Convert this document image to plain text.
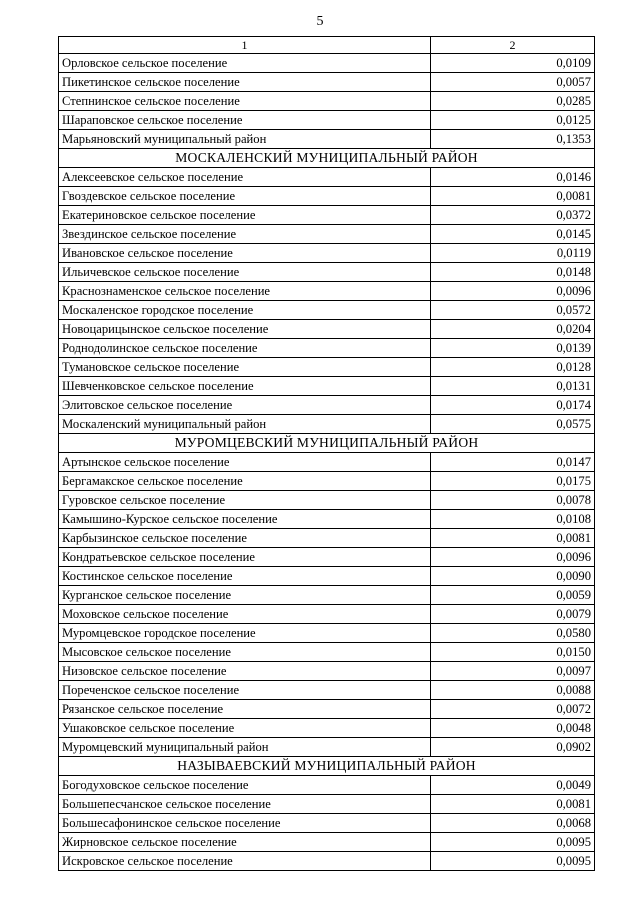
5
1	2
Орловское сельское поселение	0,0109
Пикетинское сельское поселение	0,0057
Степнинское сельское поселение	0,0285
Шараповское сельское поселение	0,0125
Марьяновский муниципальный район	0,1353
МОСКАЛЕНСКИЙ МУНИЦИПАЛЬНЫЙ РАЙОН	
Алексеевское сельское поселение	0,0146
Гвоздевское сельское поселение	0,0081
Екатериновское сельское поселение	0,0372
Звездинское сельское поселение	0,0145
Ивановское сельское поселение	0,0119
Ильичевское сельское поселение	0,0148
Краснознаменское сельское поселение	0,0096
Москаленское городское поселение	0,0572
Новоцарицынское сельское поселение	0,0204
Роднодолинское сельское поселение	0,0139
Тумановское сельское поселение	0,0128
Шевченковское сельское поселение	0,0131
Элитовское сельское поселение	0,0174
Москаленский муниципальный район	0,0575
МУРОМЦЕВСКИЙ МУНИЦИПАЛЬНЫЙ РАЙОН	
Артынское сельское поселение	0,0147
Бергамакское сельское поселение	0,0175
Гуровское сельское поселение	0,0078
Камышино-Курское сельское поселение	0,0108
Карбызинское сельское поселение	0,0081
Кондратьевское сельское поселение	0,0096
Костинское сельское поселение	0,0090
Курганское сельское поселение	0,0059
Моховское сельское поселение	0,0079
Муромцевское городское поселение	0,0580
Мысовское сельское поселение	0,0150
Низовское сельское поселение	0,0097
Пореченское сельское поселение	0,0088
Рязанское сельское поселение	0,0072
Ушаковское сельское поселение	0,0048
Муромцевский муниципальный район	0,0902
НАЗЫВАЕВСКИЙ МУНИЦИПАЛЬНЫЙ РАЙОН	
Богодуховское сельское поселение	0,0049
Большепесчанское сельское поселение	0,0081
Большесафонинское сельское поселение	0,0068
Жирновское сельское поселение	0,0095
Искровское сельское поселение	0,0095
